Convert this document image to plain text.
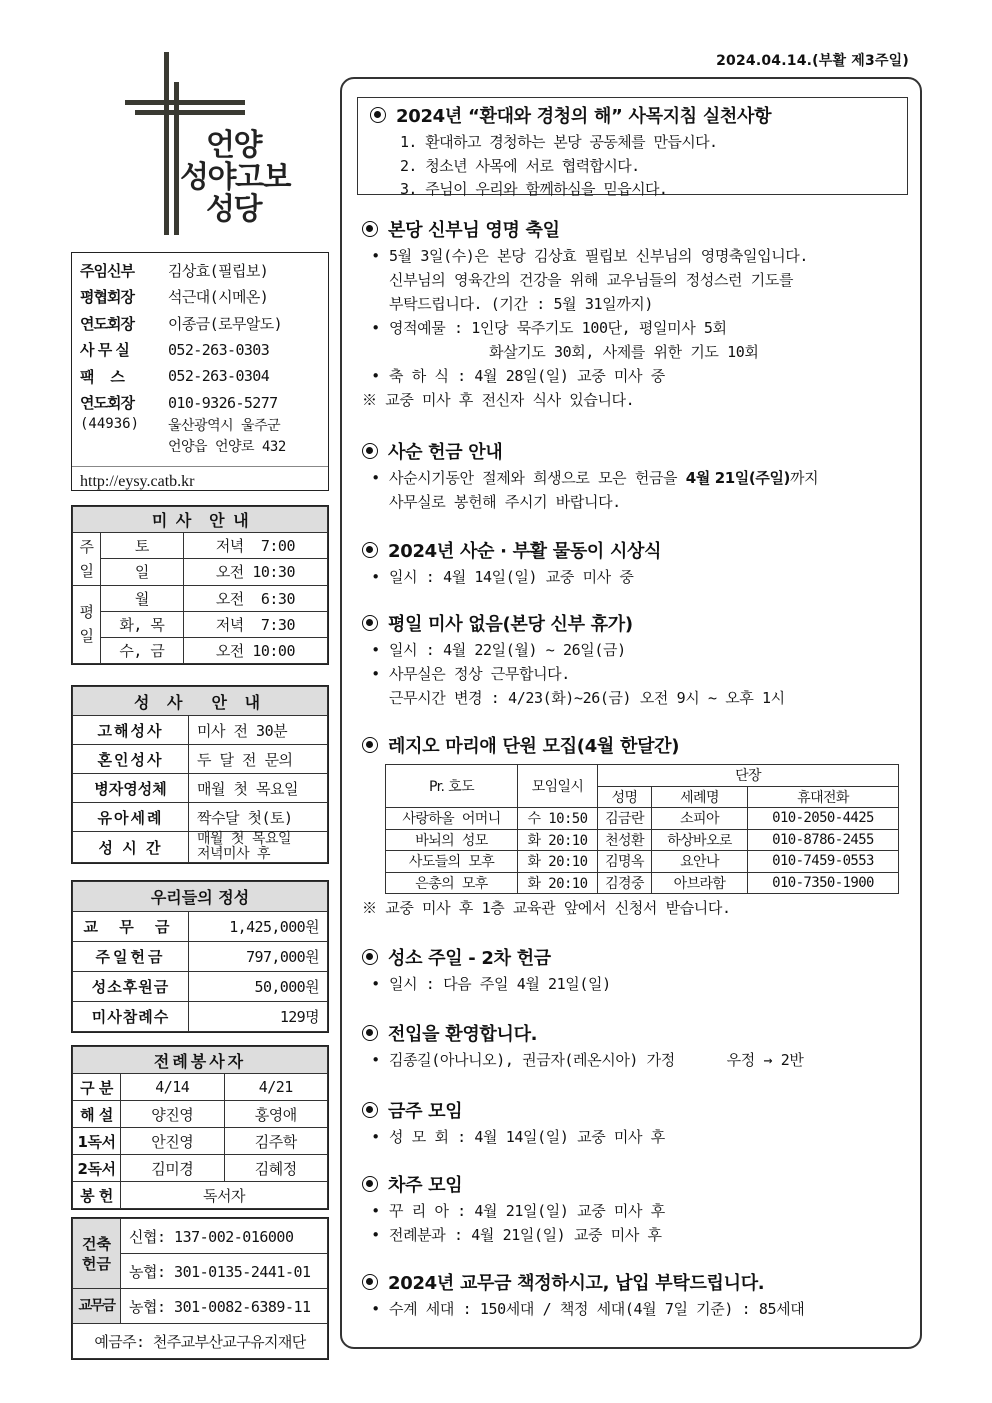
2024.04.14.(부활 제3주일)
언양
성야고보
성당
주임신부	김상효(필립보)
평협회장	석근대(시메온)
연도회장	이종금(로무알도)
사 무 실	052-263-0303
팩    스	052-263-0304
연도회장	010-9326-5277
(44936)	울산광역시 울주군
언양읍 언양로 432
http://eysy.catb.kr
미 사  안 내		

주
일	토	저녁  7:00
	일	오전 10:30

평
일	월	오전  6:30
	화, 목	저녁  7:30
	수, 금	오전 10:00
성 사  안 내	
고해성사	미사 전 30분
혼인성사	두 달 전 문의
병자영성체	매월 첫 목요일
유아세례	짝수달 첫(토)
성 시 간	매월 첫 목요일
저녁미사 후
우리들의 정성	
교 무 금	1,425,000원
주일헌금	797,000원
성소후원금	50,000원
미사참례수	129명
전례봉사자		
구 분	4/14	4/21
해 설	양진영	홍영애
1독서	안진영	김주학
2독서	김미경	김혜정
봉 헌	독서자	
건축
헌금	신협: 137-002-016000
	농협: 301-0135-2441-01
교무금	농협: 301-0082-6389-11
예금주: 천주교부산교구유지재단	
2024년 “환대와 경청의 해” 사목지침 실천사항
1. 환대하고 경청하는 본당 공동체를 만듭시다.
2. 청소년 사목에 서로 협력합시다.
3. 주님이 우리와 함께하심을 믿읍시다.
본당 신부님 영명 축일
• 5월 3일(수)은 본당 김상효 필립보 신부님의 영명축일입니다.
신부님의 영육간의 건강을 위해 교우님들의 정성스런 기도를
부탁드립니다. (기간 : 5월 31일까지)
• 영적예물 : 1인당 묵주기도 100단, 평일미사 5회
화살기도 30회, 사제를 위한 기도 10회
• 축 하 식 : 4월 28일(일) 교중 미사 중
※ 교중 미사 후 전신자 식사 있습니다.
사순 헌금 안내
• 사순시기동안 절제와 희생으로 모은 헌금을 4월 21일(주일)까지
사무실로 봉헌해 주시기 바랍니다.
2024년 사순 · 부활 물동이 시상식
• 일시 : 4월 14일(일) 교중 미사 중
평일 미사 없음(본당 신부 휴가)
• 일시 : 4월 22일(월) ~ 26일(금)
• 사무실은 정상 근무합니다.
근무시간 변경 : 4/23(화)~26(금) 오전 9시 ~ 오후 1시
레지오 마리애 단원 모집(4월 한달간)
Pr. 호도	모임일시	단장		
		성명	세례명	휴대전화
사랑하올 어머니	수 10:50	김금란	소피아	010-2050-4425
바뇌의 성모	화 20:10	천성환	하상바오로	010-8786-2455
사도들의 모후	화 20:10	김명옥	요안나	010-7459-0553
은총의 모후	화 20:10	김경중	아브라함	010-7350-1900
※ 교중 미사 후 1층 교육관 앞에서 신청서 받습니다.
성소 주일 - 2차 헌금
• 일시 : 다음 주일 4월 21일(일)
전입을 환영합니다.
• 김종길(아나니오), 권금자(레온시아) 가정      우정 → 2반
금주 모임
• 성 모 회 : 4월 14일(일) 교중 미사 후
차주 모임
• 꾸 리 아 : 4월 21일(일) 교중 미사 후
• 전례분과 : 4월 21일(일) 교중 미사 후
2024년 교무금 책정하시고, 납입 부탁드립니다.
• 수계 세대 : 150세대 / 책정 세대(4월 7일 기준) : 85세대
